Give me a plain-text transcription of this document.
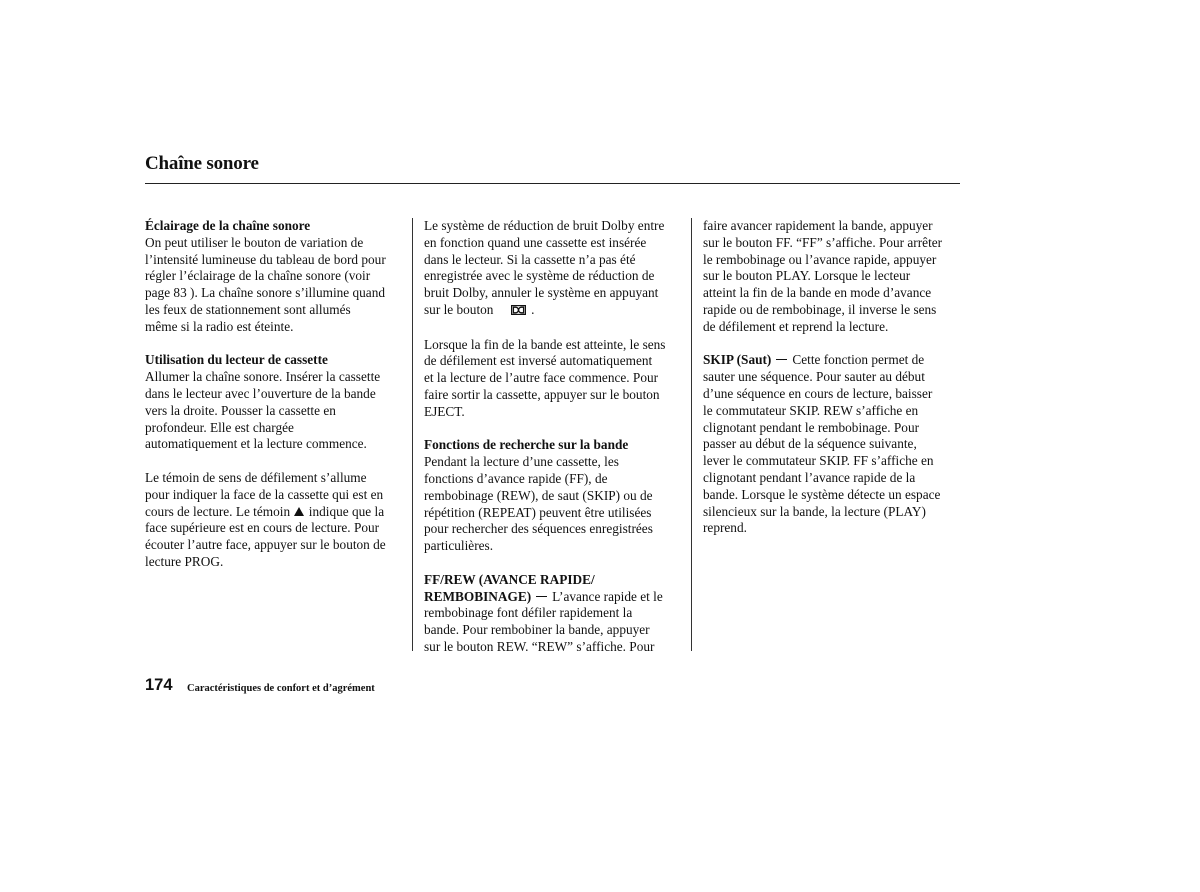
Chaîne sonore
Éclairage de la chaîne sonore
On peut utiliser le bouton de variation de
l’intensité lumineuse du tableau de bord pour
régler l’éclairage de la chaîne sonore (voir
page 83 ). La chaîne sonore s’illumine quand
les feux de stationnement sont allumés
même si la radio est éteinte.
Utilisation du lecteur de cassette
Allumer la chaîne sonore. Insérer la cassette
dans le lecteur avec l’ouverture de la bande
vers la droite. Pousser la cassette en
profondeur. Elle est chargée
automatiquement et la lecture commence.
Le témoin de sens de défilement s’allume
pour indiquer la face de la cassette qui est en
cours de lecture. Le témoin indique que la
face supérieure est en cours de lecture. Pour
écouter l’autre face, appuyer sur le bouton de
lecture PROG.
Le système de réduction de bruit Dolby entre
en fonction quand une cassette est insérée
dans le lecteur. Si la cassette n’a pas été
enregistrée avec le système de réduction de
bruit Dolby, annuler le système en appuyant
sur le bouton	.
Lorsque la fin de la bande est atteinte, le sens
de défilement est inversé automatiquement
et la lecture de l’autre face commence. Pour
faire sortir la cassette, appuyer sur le bouton
EJECT.
Fonctions de recherche sur la bande
Pendant la lecture d’une cassette, les
fonctions d’avance rapide (FF), de
rembobinage (REW), de saut (SKIP) ou de
répétition (REPEAT) peuvent être utilisées
pour rechercher des séquences enregistrées
particulières.
FF/REW (AVANCE RAPIDE/
REMBOBINAGE) L’avance rapide et le
rembobinage font défiler rapidement la
bande. Pour rembobiner la bande, appuyer
sur le bouton REW. “REW” s’affiche. Pour
faire avancer rapidement la bande, appuyer
sur le bouton FF. “FF” s’affiche. Pour arrêter
le rembobinage ou l’avance rapide, appuyer
sur le bouton PLAY. Lorsque le lecteur
atteint la fin de la bande en mode d’avance
rapide ou de rembobinage, il inverse le sens
de défilement et reprend la lecture.
SKIP (Saut) Cette fonction permet de
sauter une séquence. Pour sauter au début
d’une séquence en cours de lecture, baisser
le commutateur SKIP. REW s’affiche en
clignotant pendant le rembobinage. Pour
passer au début de la séquence suivante,
lever le commutateur SKIP. FF s’affiche en
clignotant pendant l’avance rapide de la
bande. Lorsque le système détecte un espace
silencieux sur la bande, la lecture (PLAY)
reprend.
174 Caractéristiques de confort et d’agrément
